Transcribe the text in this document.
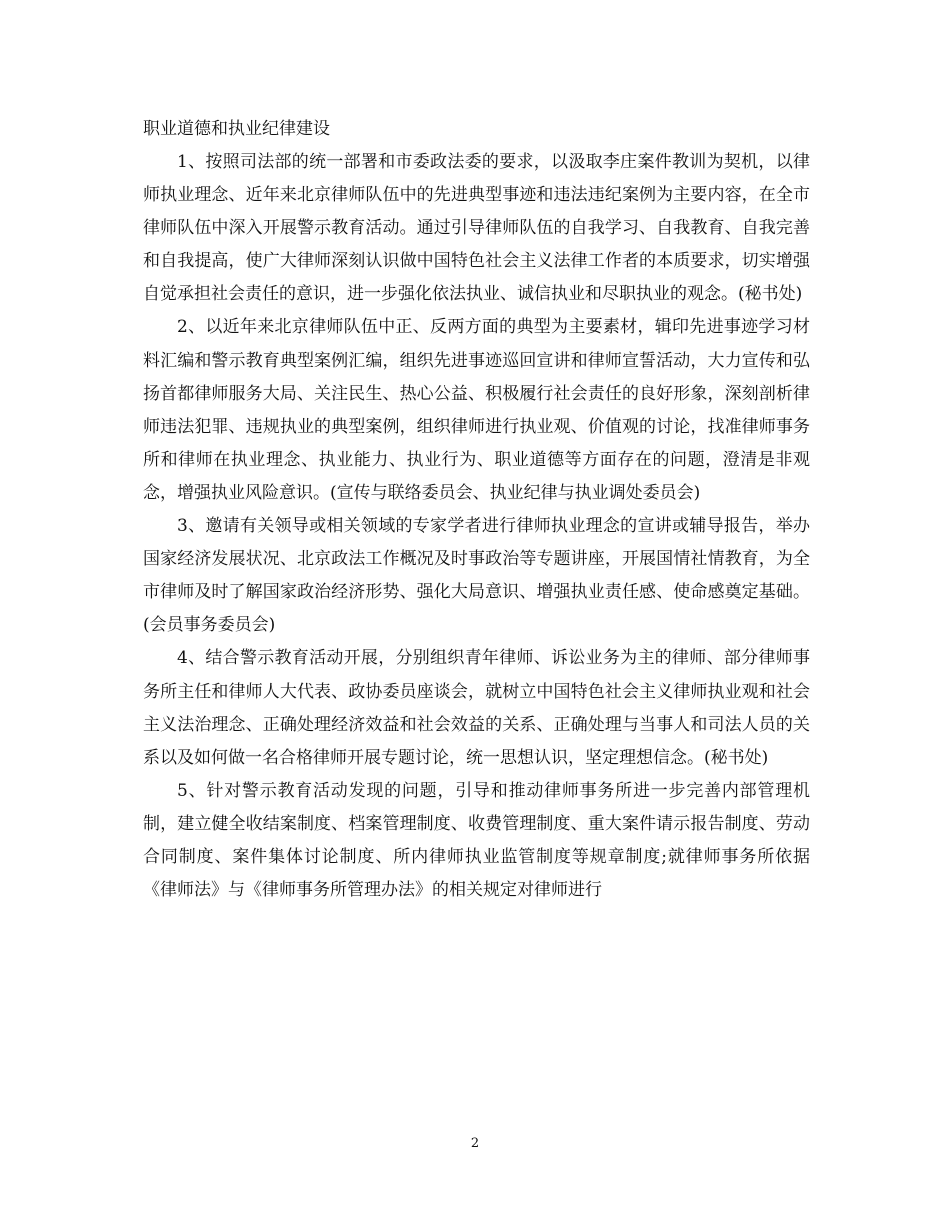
职业道德和执业纪律建设

1、按照司法部的统一部署和市委政法委的要求，以汲取李庄案件教训为契机，以律师执业理念、近年来北京律师队伍中的先进典型事迹和违法违纪案例为主要内容，在全市律师队伍中深入开展警示教育活动。通过引导律师队伍的自我学习、自我教育、自我完善和自我提高，使广大律师深刻认识做中国特色社会主义法律工作者的本质要求，切实增强自觉承担社会责任的意识，进一步强化依法执业、诚信执业和尽职执业的观念。(秘书处)

2、以近年来北京律师队伍中正、反两方面的典型为主要素材，辑印先进事迹学习材料汇编和警示教育典型案例汇编，组织先进事迹巡回宣讲和律师宣誓活动，大力宣传和弘扬首都律师服务大局、关注民生、热心公益、积极履行社会责任的良好形象，深刻剖析律师违法犯罪、违规执业的典型案例，组织律师进行执业观、价值观的讨论，找准律师事务所和律师在执业理念、执业能力、执业行为、职业道德等方面存在的问题，澄清是非观念，增强执业风险意识。(宣传与联络委员会、执业纪律与执业调处委员会)

3、邀请有关领导或相关领域的专家学者进行律师执业理念的宣讲或辅导报告，举办国家经济发展状况、北京政法工作概况及时事政治等专题讲座，开展国情社情教育，为全市律师及时了解国家政治经济形势、强化大局意识、增强执业责任感、使命感奠定基础。(会员事务委员会)

4、结合警示教育活动开展，分别组织青年律师、诉讼业务为主的律师、部分律师事务所主任和律师人大代表、政协委员座谈会，就树立中国特色社会主义律师执业观和社会主义法治理念、正确处理经济效益和社会效益的关系、正确处理与当事人和司法人员的关系以及如何做一名合格律师开展专题讨论，统一思想认识，坚定理想信念。(秘书处)

5、针对警示教育活动发现的问题，引导和推动律师事务所进一步完善内部管理机制，建立健全收结案制度、档案管理制度、收费管理制度、重大案件请示报告制度、劳动合同制度、案件集体讨论制度、所内律师执业监管制度等规章制度;就律师事务所依据《律师法》与《律师事务所管理办法》的相关规定对律师进行

2
